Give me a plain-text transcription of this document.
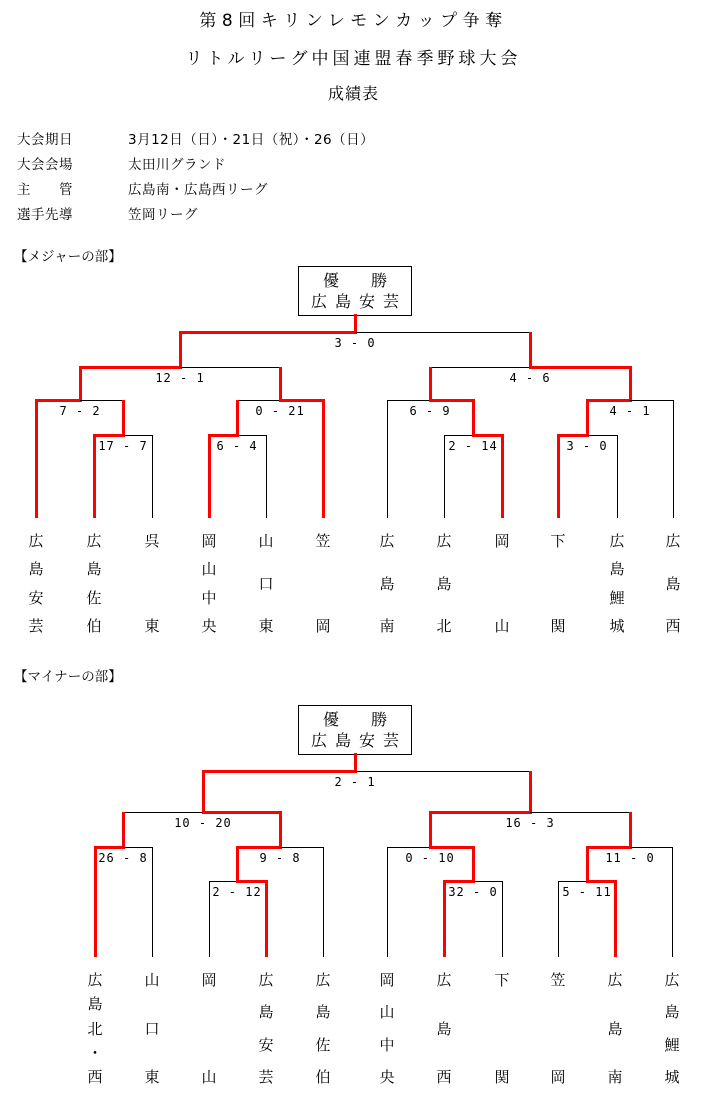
第8回キリンレモンカップ争奪
リトルリーグ中国連盟春季野球大会
成績表
大会期日	3月12日（日）・21日（祝）・26（日）
大会会場	太田川グランド
主　　管	広島南・広島西リーグ
選手先導	笠岡リーグ
【メジャーの部】
優　勝
広島安芸
【マイナーの部】
優　勝
広島安芸
3 - 0
12 - 1	4 - 6
7 - 2	0 - 21	6 - 9	4 - 1
17 - 7	6 - 4	2 - 14	3 - 0
広
島
安
芸
広
島
佐
伯
呉
東
岡
山
中
央
山
口
東
笠
岡
広
島
南
広
島
北
岡
山
下
関
広
島
鯉
城
広
島
西
2 - 1
10 - 20	16 - 3
26 - 8	9 - 8	0 - 10	11 - 0
2 - 12	32 - 0	5 - 11
広
島
北
・
西
山
口
東
岡
山
広
島
安
芸
広
島
佐
伯
岡
山
中
央
広
島
西
下
関
笠
岡
広
島
南
広
島
鯉
城
